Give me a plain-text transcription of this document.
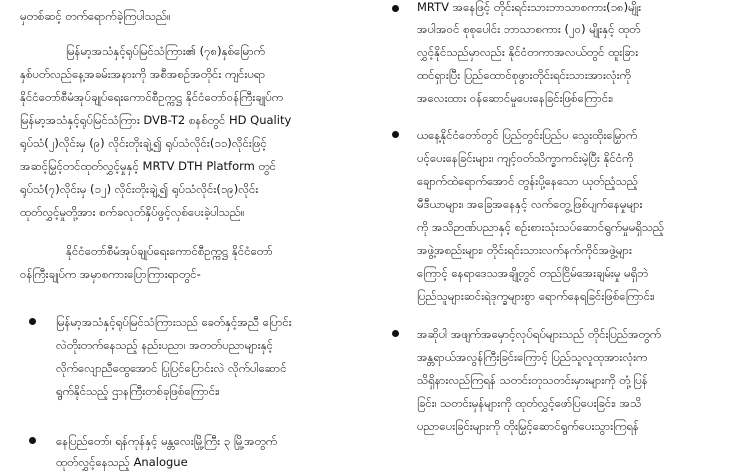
မှတစ်ဆင့် တက်ရောက်ခဲ့ကြပါသည်။
မြန်မာ့အသံနှင့်ရုပ်မြင်သံကြား၏ (၇၈)နှစ်မြောက်
နှစ်ပတ်လည်နေ့အခမ်းအနားကို အစီအစဉ်အတိုင်း ကျင်းပရာ
နိုင်ငံတော်စီမံအုပ်ချုပ်ရေးကောင်စီဥက္ကဋ္ဌ နိုင်ငံတော်ဝန်ကြီးချုပ်က
မြန်မာ့အသံနှင့်ရုပ်မြင်သံကြား DVB-T2 စနစ်တွင် HD Quality
ရုပ်သံ(၂)လိုင်းမှ (၉) လိုင်းတိုးချဲ့၍ ရုပ်သံလိုင်း(၁၁)လိုင်းဖြင့်
အဆင့်မြှင့်တင်ထုတ်လွှင့်မှုနှင့် MRTV DTH Platform တွင်
ရုပ်သံ(၇)လိုင်းမှ (၁၂) လိုင်းတိုးချဲ့၍ ရုပ်သံလိုင်း(၁၉)လိုင်း
ထုတ်လွှင့်မှုတို့အား စက်ခလုတ်နှိပ်ဖွင့်လှစ်ပေးခဲ့ပါသည်။
နိုင်ငံတော်စီမံအုပ်ချုပ်ရေးကောင်စီဥက္ကဋ္ဌ နိုင်ငံတော်
ဝန်ကြီးချုပ်က အမှာစကားပြောကြားရာတွင်-
မြန်မာ့အသံနှင့်ရုပ်မြင်သံကြားသည် ခေတ်နှင့်အညီ ပြောင်း
လဲတိုးတက်နေသည့် နည်းပညာ၊ အတတ်ပညာများနှင့်
လိုက်လျောညီထွေအောင် ပြုပြင်ပြောင်းလဲ လိုက်ပါဆောင်
ရွက်နိုင်သည့် ဌာနကြီးတစ်ခုဖြစ်ကြောင်း၊
နေပြည်တော်၊ ရန်ကုန်နှင့် မန္တလေးမြို့ကြီး ၃ မြို့အတွက်
ထုတ်လွှင့်နေသည့် Analogue
MRTV အနေဖြင့် တိုင်းရင်းသားဘာသာစကား(၁၈)မျိုး
အပါအဝင် စုစုပေါင်း ဘာသာစကား (၂၀) မျိုးနှင့် ထုတ်
လွှင့်နိုင်သည်မှာလည်း နိုင်ငံတကာအလယ်တွင် ထူးခြား
ထင်ရှားပြီး ပြည်ထောင်စုဖွားတိုင်းရင်းသားအားလုံးကို
အလေးထား ဝန်ဆောင်မှုပေးနေခြင်းဖြစ်ကြောင်း၊
ယနေ့နိုင်ငံတော်တွင် ပြည်တွင်းပြည်ပ သွေးထိုးမြှောက်
ပင့်ပေးနေခြင်းများ၊ ကျင့်ဝတ်သိက္ခာကင်းမဲ့ပြီး နိုင်ငံကို
ချောက်ထဲရောက်အောင် တွန်းပို့နေသော ယုတ်ညံ့သည့်
မီဒီယာများ၊ အခြေအနေနှင့် လက်တွေ့ဖြစ်ပျက်နေမှုများ
ကို အသိဉာဏ်ပညာနှင့် စဉ်းစားသုံးသပ်ဆောင်ရွက်မှုမရှိသည့်
အဖွဲ့အစည်းများ၊ တိုင်းရင်းသားလက်နက်ကိုင်အဖွဲ့များ
ကြောင့် နေရာဒေသအချို့တွင် တည်ငြိမ်အေးချမ်းမှု မရှိဘဲ
ပြည်သူများဆင်းရဲဒုက္ခများစွာ ရောက်နေရခြင်းဖြစ်ကြောင်း၊
အဆိုပါ အဖျက်အမှောင့်လုပ်ရပ်များသည် တိုင်းပြည်အတွက်
အန္တရာယ်အလွန်ကြီးခြင်းကြောင့် ပြည်သူလူထုအားလုံးက
သိရှိနားလည်ကြရန် သတင်းတုသတင်းမှားများကို တုံ့ပြန်
ခြင်း၊ သတင်းမှန်များကို ထုတ်လွှင့်ဖော်ပြပေးခြင်း၊ အသိ
ပညာပေးခြင်းများကို တိုးမြှင့်ဆောင်ရွက်ပေးသွားကြရန်
